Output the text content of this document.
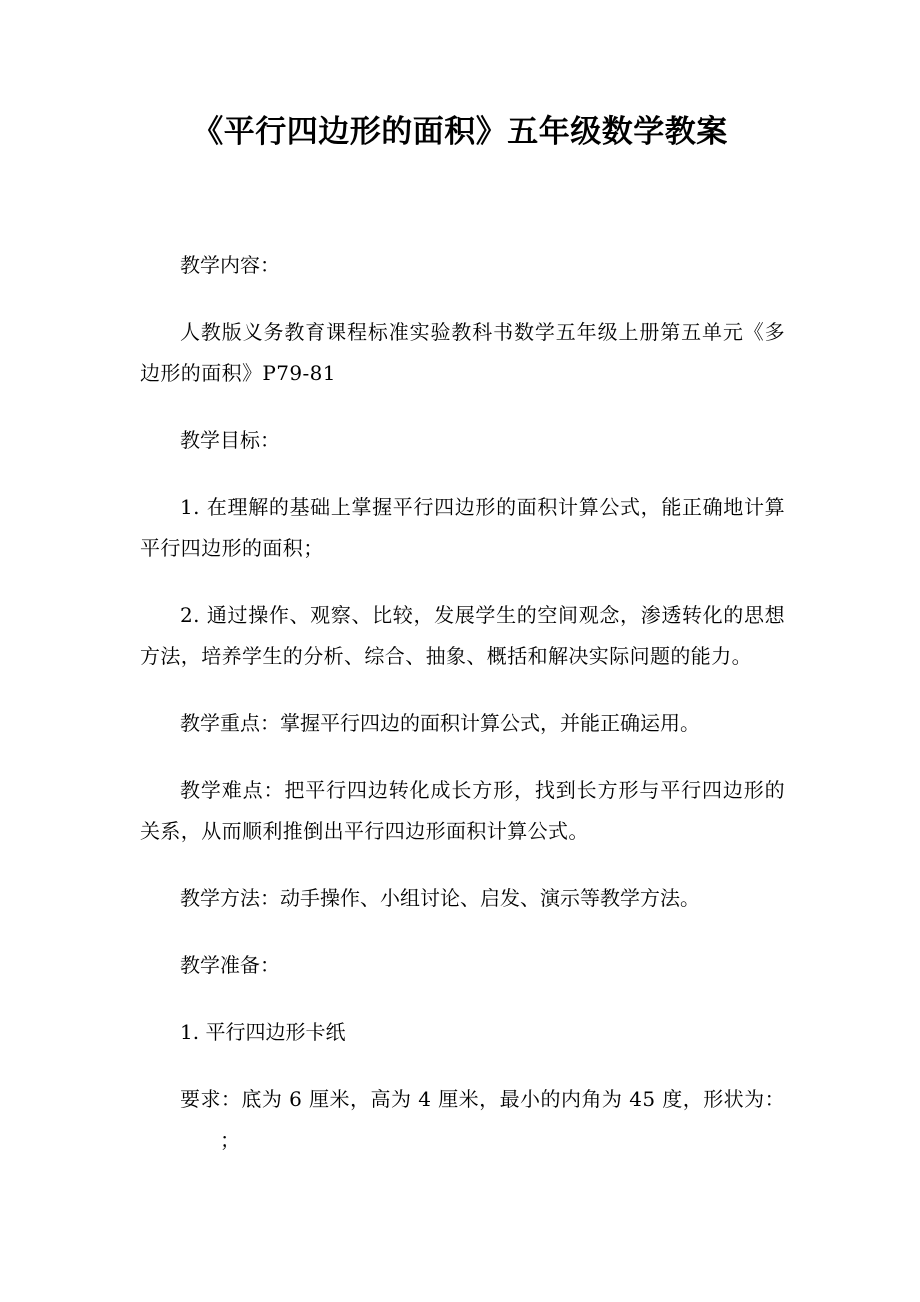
《平行四边形的面积》五年级数学教案

教学内容：

人教版义务教育课程标准实验教科书数学五年级上册第五单元《多边形的面积》P79-81

教学目标：

1. 在理解的基础上掌握平行四边形的面积计算公式，能正确地计算平行四边形的面积；

2. 通过操作、观察、比较，发展学生的空间观念，渗透转化的思想方法，培养学生的分析、综合、抽象、概括和解决实际问题的能力。

教学重点：掌握平行四边的面积计算公式，并能正确运用。

教学难点：把平行四边转化成长方形，找到长方形与平行四边形的关系，从而顺利推倒出平行四边形面积计算公式。

教学方法：动手操作、小组讨论、启发、演示等教学方法。

教学准备：

1. 平行四边形卡纸

要求：底为 6 厘米，高为 4 厘米，最小的内角为 45 度，形状为：；
